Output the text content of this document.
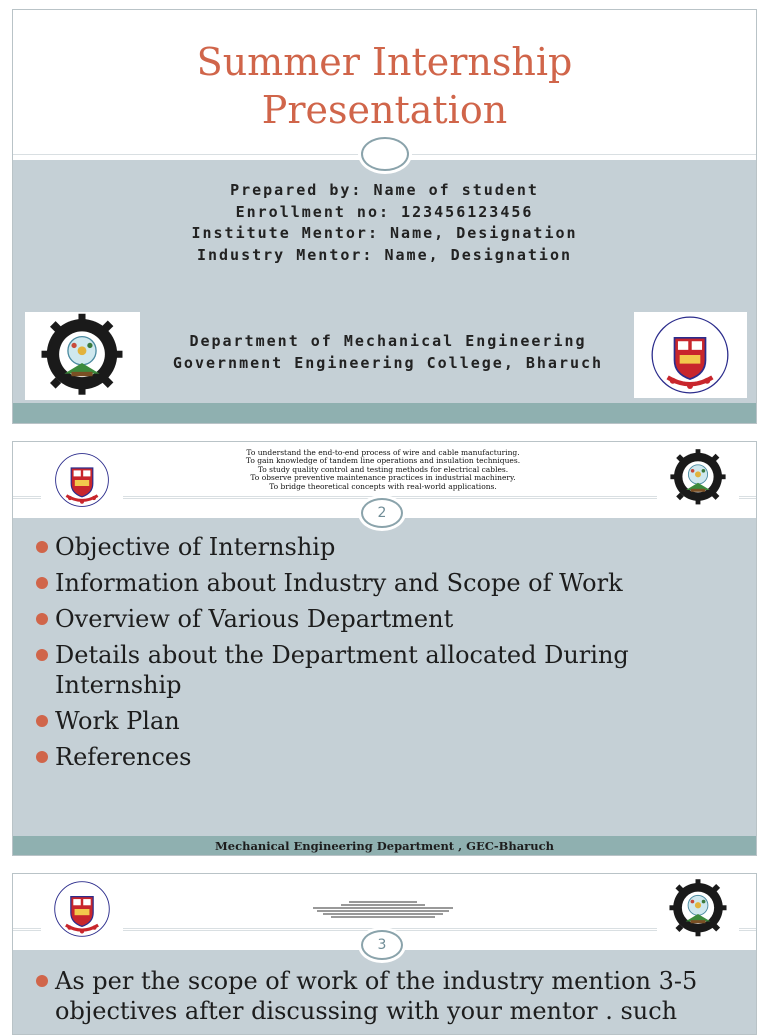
Summer Internship
Presentation
Prepared by: Name of student
Enrollment no: 123456123456
Institute Mentor: Name, Designation
Industry Mentor: Name, Designation
Department of Mechanical Engineering
Government Engineering College, Bharuch
To understand the end-to-end process of wire and cable manufacturing.
To gain knowledge of tandem line operations and insulation techniques.
To study quality control and testing methods for electrical cables.
To observe preventive maintenance practices in industrial machinery.
To bridge theoretical concepts with real-world applications.
2
Objective of Internship
Information about Industry and Scope of Work
Overview of Various Department
Details about the Department allocated During Internship
Work Plan
References
Mechanical Engineering Department , GEC-Bharuch
3
As per the scope of work of the industry mention 3-5 objectives after discussing with your mentor . such
